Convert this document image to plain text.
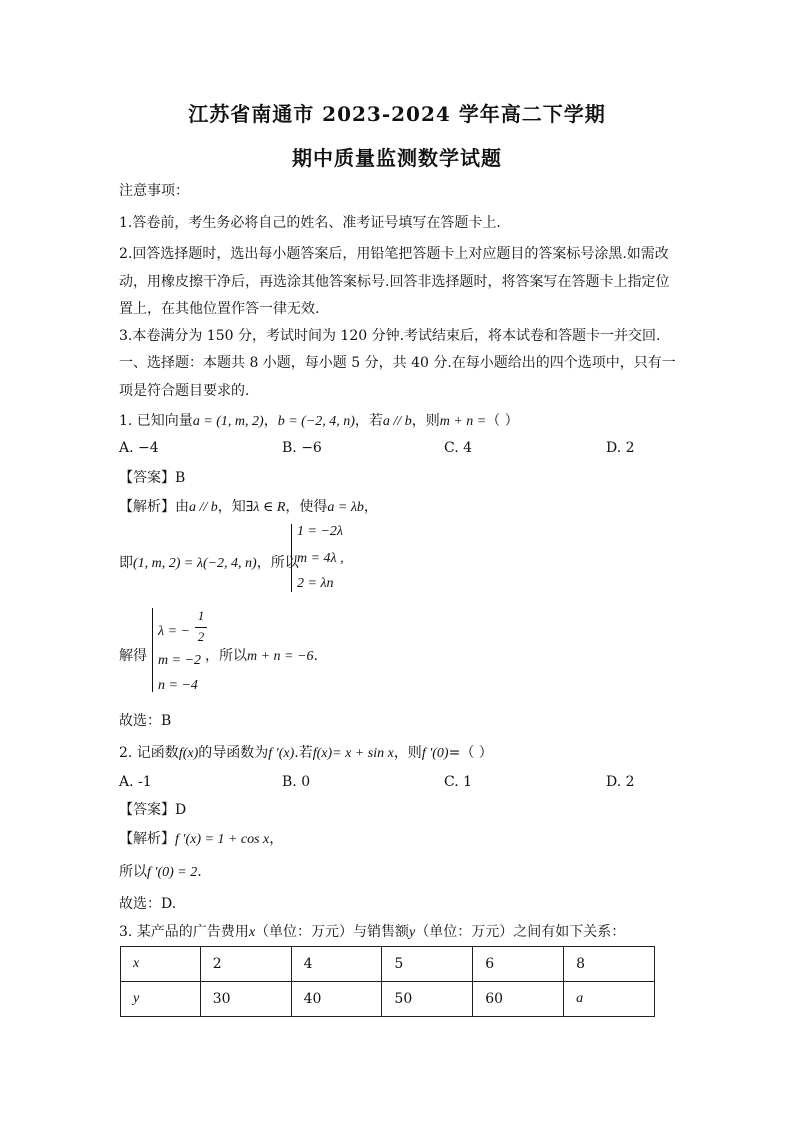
江苏省南通市 2023-2024 学年高二下学期
期中质量监测数学试题
注意事项：
1.答卷前，考生务必将自己的姓名、准考证号填写在答题卡上.
2.回答选择题时，选出每小题答案后，用铅笔把答题卡上对应题目的答案标号涂黑.如需改
动，用橡皮擦干净后，再选涂其他答案标号.回答非选择题时，将答案写在答题卡上指定位
置上，在其他位置作答一律无效.
3.本卷满分为 150 分，考试时间为 120 分钟.考试结束后，将本试卷和答题卡一并交回.
一、选择题：本题共 8 小题，每小题 5 分，共 40 分.在每小题给出的四个选项中，只有一
项是符合题目要求的.
1. 已知向量a = (1, m, 2)，b = (−2, 4, n)，若a // b，则m + n =（ ）
A. −4	B. −6	C. 4	D. 2
【答案】B
【解析】由a // b，知∃λ ∈ R，使得a = λb，
即(1, m, 2) = λ(−2, 4, n)，所以
1 = −2λ
m = 4λ ,
2 = λn
解得
λ = −
1
2
m = −2
n = −4
，所以m + n = −6.
故选：B
2. 记函数f(x)的导函数为f ′(x).若f(x)= x + sin x，则f ′(0)=（ ）
A. -1	B. 0	C. 1	D. 2
【答案】D
【解析】f ′(x) = 1 + cos x，
所以f ′(0) = 2.
故选：D.
3. 某产品的广告费用x（单位：万元）与销售额y（单位：万元）之间有如下关系：
x	2	4	5	6	8
y	30	40	50	60	a
